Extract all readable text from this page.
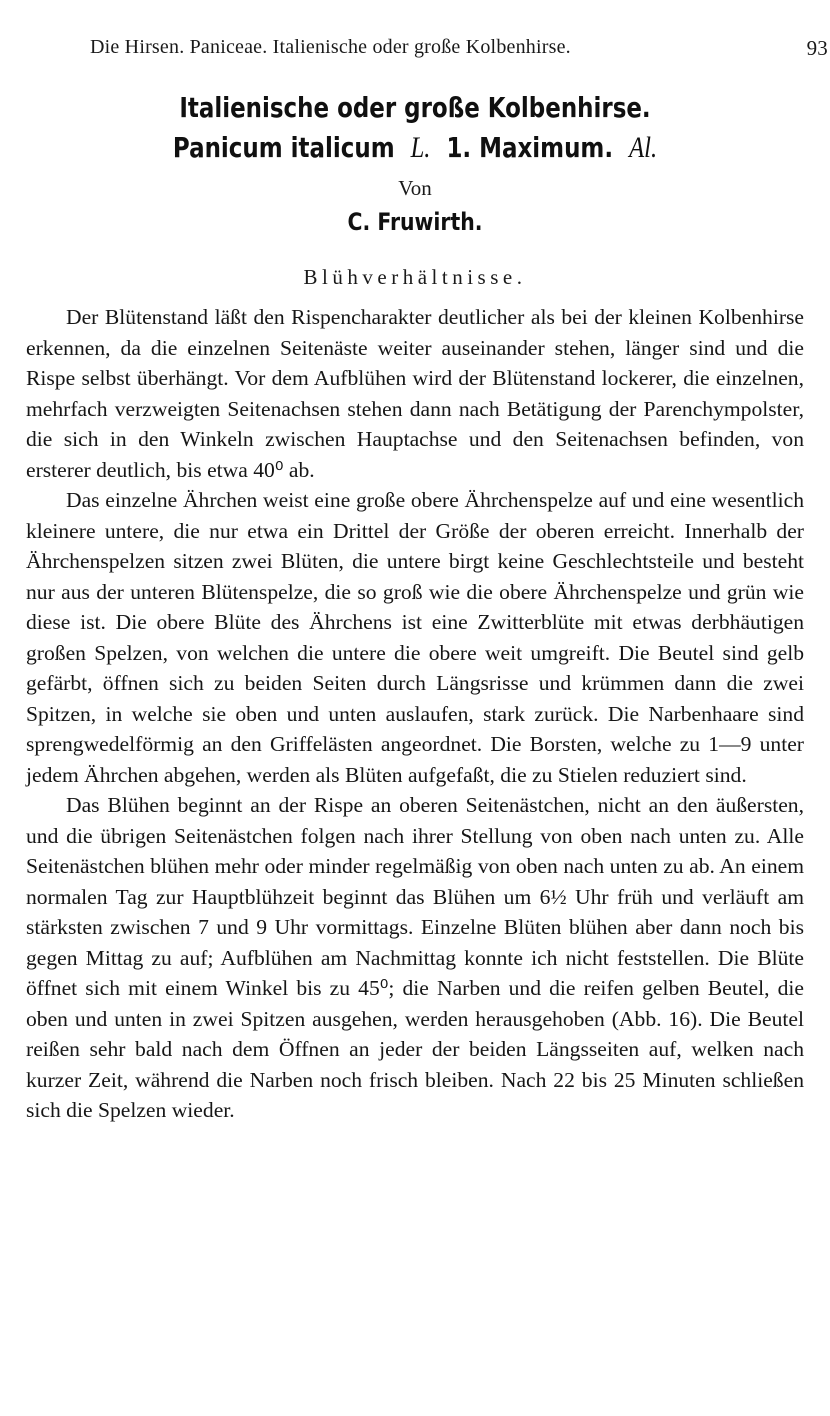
Die Hirsen. Paniceae. Italienische oder große Kolbenhirse.	93
Italienische oder große Kolbenhirse.
Panicum italicum L. 1. Maximum. Al.
Von
C. Fruwirth.
Blühverhältnisse.

Der Blütenstand läßt den Rispencharakter deutlicher als bei der kleinen Kolbenhirse erkennen, da die einzelnen Seitenäste weiter auseinander stehen, länger sind und die Rispe selbst überhängt. Vor dem Aufblühen wird der Blütenstand lockerer, die einzelnen, mehrfach verzweigten Seitenachsen stehen dann nach Betätigung der Parenchympolster, die sich in den Winkeln zwischen Hauptachse und den Seitenachsen befinden, von ersterer deutlich, bis etwa 40⁰ ab.

Das einzelne Ährchen weist eine große obere Ährchenspelze auf und eine wesentlich kleinere untere, die nur etwa ein Drittel der Größe der oberen erreicht. Innerhalb der Ährchenspelzen sitzen zwei Blüten, die untere birgt keine Geschlechtsteile und besteht nur aus der unteren Blütenspelze, die so groß wie die obere Ährchenspelze und grün wie diese ist. Die obere Blüte des Ährchens ist eine Zwitterblüte mit etwas derbhäutigen großen Spelzen, von welchen die untere die obere weit umgreift. Die Beutel sind gelb gefärbt, öffnen sich zu beiden Seiten durch Längsrisse und krümmen dann die zwei Spitzen, in welche sie oben und unten auslaufen, stark zurück. Die Narbenhaare sind sprengwedelförmig an den Griffelästen angeordnet. Die Borsten, welche zu 1—9 unter jedem Ährchen abgehen, werden als Blüten aufgefaßt, die zu Stielen reduziert sind.

Das Blühen beginnt an der Rispe an oberen Seitenästchen, nicht an den äußersten, und die übrigen Seitenästchen folgen nach ihrer Stellung von oben nach unten zu. Alle Seitenästchen blühen mehr oder minder regelmäßig von oben nach unten zu ab. An einem normalen Tag zur Hauptblühzeit beginnt das Blühen um 6½ Uhr früh und verläuft am stärksten zwischen 7 und 9 Uhr vormittags. Einzelne Blüten blühen aber dann noch bis gegen Mittag zu auf; Aufblühen am Nachmittag konnte ich nicht feststellen. Die Blüte öffnet sich mit einem Winkel bis zu 45⁰; die Narben und die reifen gelben Beutel, die oben und unten in zwei Spitzen ausgehen, werden herausgehoben (Abb. 16). Die Beutel reißen sehr bald nach dem Öffnen an jeder der beiden Längsseiten auf, welken nach kurzer Zeit, während die Narben noch frisch bleiben. Nach 22 bis 25 Minuten schließen sich die Spelzen wieder.
